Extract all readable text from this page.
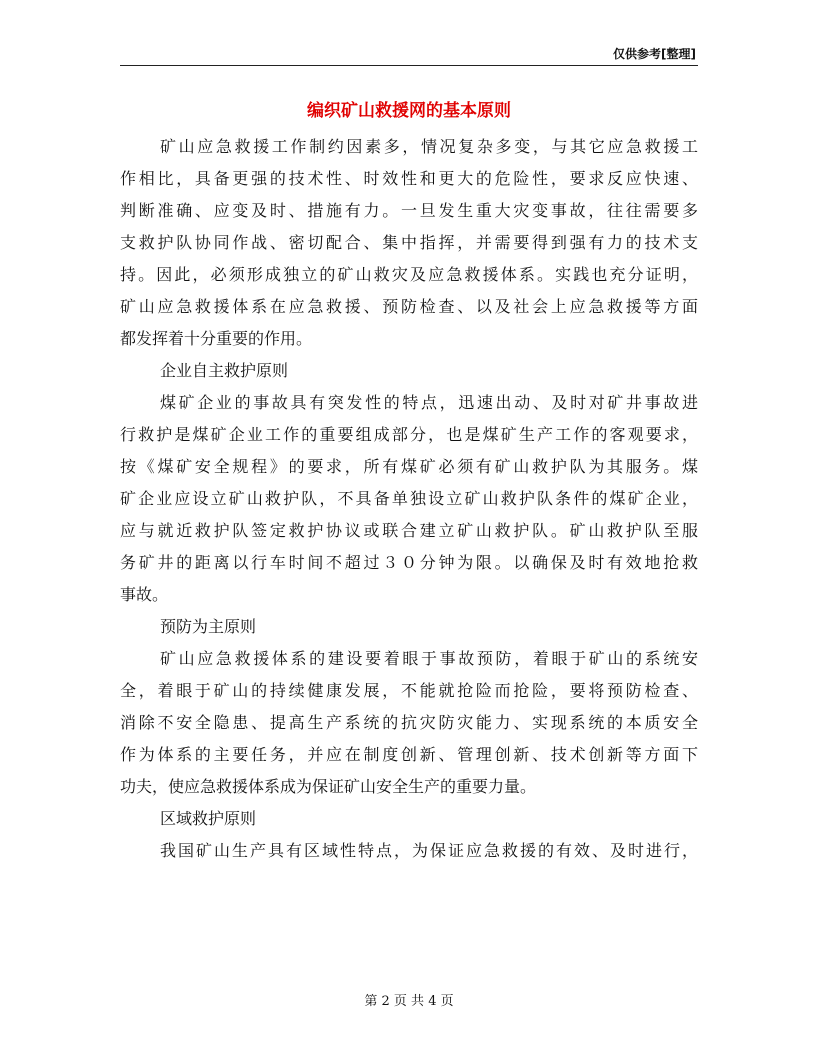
仅供参考[整理]
编织矿山救援网的基本原则
矿山应急救援工作制约因素多，情况复杂多变，与其它应急救援工
作相比，具备更强的技术性、时效性和更大的危险性，要求反应快速、
判断准确、应变及时、措施有力。一旦发生重大灾变事故，往往需要多
支救护队协同作战、密切配合、集中指挥，并需要得到强有力的技术支
持。因此，必须形成独立的矿山救灾及应急救援体系。实践也充分证明，
矿山应急救援体系在应急救援、预防检查、以及社会上应急救援等方面
都发挥着十分重要的作用。
企业自主救护原则
煤矿企业的事故具有突发性的特点，迅速出动、及时对矿井事故进
行救护是煤矿企业工作的重要组成部分，也是煤矿生产工作的客观要求，
按《煤矿安全规程》的要求，所有煤矿必须有矿山救护队为其服务。煤
矿企业应设立矿山救护队，不具备单独设立矿山救护队条件的煤矿企业，
应与就近救护队签定救护协议或联合建立矿山救护队。矿山救护队至服
务矿井的距离以行车时间不超过３０分钟为限。以确保及时有效地抢救
事故。
预防为主原则
矿山应急救援体系的建设要着眼于事故预防，着眼于矿山的系统安
全，着眼于矿山的持续健康发展，不能就抢险而抢险，要将预防检查、
消除不安全隐患、提高生产系统的抗灾防灾能力、实现系统的本质安全
作为体系的主要任务，并应在制度创新、管理创新、技术创新等方面下
功夫，使应急救援体系成为保证矿山安全生产的重要力量。
区域救护原则
我国矿山生产具有区域性特点，为保证应急救援的有效、及时进行，
第 2 页 共 4 页
